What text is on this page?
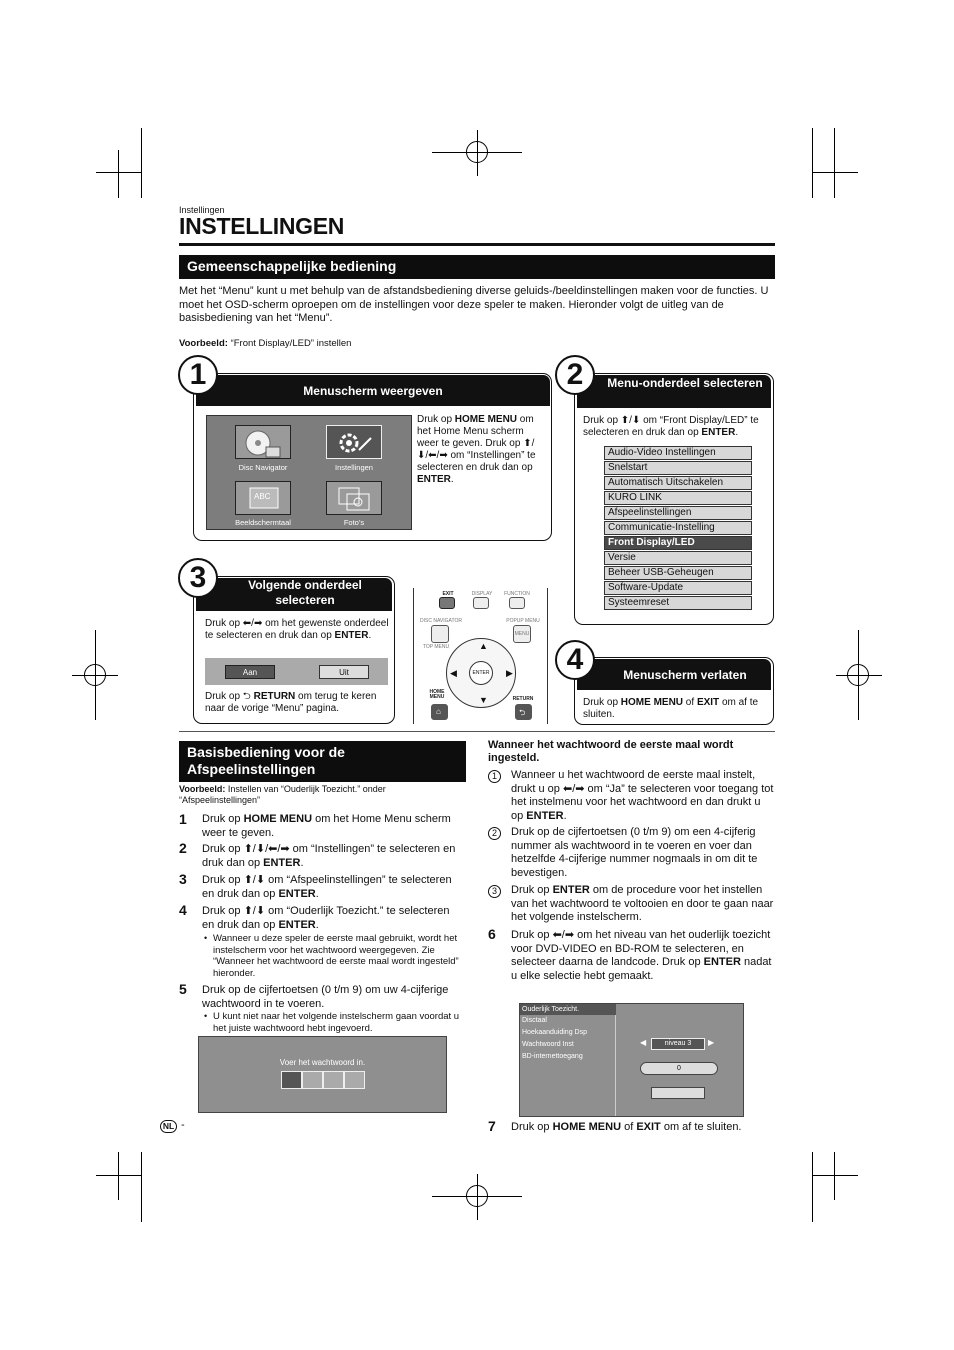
Instellingen
INSTELLINGEN
Gemeenschappelijke bediening
Met het “Menu” kunt u met behulp van de afstandsbediening diverse geluids-/beeldinstellingen maken voor de functies. U moet het OSD-scherm oproepen om de instellingen voor deze speler te maken. Hieronder volgt de uitleg van de basisbediening van het “Menu”.
Voorbeeld: “Front Display/LED” instellen
Menuscherm weergeven
1
ABC
Disc Navigator	Instellingen
Beeldschermtaal	Foto’s
Druk op HOME MENU om het Home Menu scherm weer te geven. Druk op ⬆/⬇/⬅/➡ om “Instellingen” te selecteren en druk dan op ENTER.
Menu-onderdeel selecteren
2
Druk op ⬆/⬇ om “Front Display/LED” te selecteren en druk dan op ENTER.
Audio-Video Instellingen
Snelstart
Automatisch Uitschakelen
KURO LINK
Afspeelinstellingen
Communicatie-Instelling
Front Display/LED
Versie
Beheer USB-Geheugen
Software-Update
Systeemreset
Volgende onderdeel selecteren
3
Druk op ⬅/➡ om het gewenste onderdeel te selecteren en druk dan op ENTER.
Aan	Uit
Druk op ⮌ RETURN om terug te keren naar de vorige “Menu” pagina.
EXIT	DISPLAY	FUNCTION
DISC NAVIGATOR
TOP MENU
POPUP MENU
MENU
▲
▼
◀	▶
ENTER
HOME MENU
⌂
RETURN
⮌
Menuscherm verlaten
4
Druk op HOME MENU of EXIT om af te sluiten.
Basisbediening voor de Afspeelinstellingen
Voorbeeld: Instellen van “Ouderlijk Toezicht.” onder “Afspeelinstellingen”
1 Druk op HOME MENU om het Home Menu scherm weer te geven.
2 Druk op ⬆/⬇/⬅/➡ om “Instellingen” te selecteren en druk dan op ENTER.
3 Druk op ⬆/⬇ om “Afspeelinstellingen” te selecteren en druk dan op ENTER.
4 Druk op ⬆/⬇ om “Ouderlijk Toezicht.” te selecteren en druk dan op ENTER.
• Wanneer u deze speler de eerste maal gebruikt, wordt het instelscherm voor het wachtwoord weergegeven. Zie “Wanneer het wachtwoord de eerste maal wordt ingesteld” hieronder.
5 Druk op de cijfertoetsen (0 t/m 9) om uw 4-cijferige wachtwoord in te voeren.
• U kunt niet naar het volgende instelscherm gaan voordat u het juiste wachtwoord hebt ingevoerd.
Voer het wachtwoord in.
Wanneer het wachtwoord de eerste maal wordt ingesteld.
1	Wanneer u het wachtwoord de eerste maal instelt, drukt u op ⬅/➡ om “Ja” te selecteren voor toegang tot het instelmenu voor het wachtwoord en dan drukt u op ENTER.
2	Druk op de cijfertoetsen (0 t/m 9) om een 4-cijferig nummer als wachtwoord in te voeren en voer dan hetzelfde 4-cijferige nummer nogmaals in om dit te bevestigen.
3	Druk op ENTER om de procedure voor het instellen van het wachtwoord te voltooien en door te gaan naar het volgende instelscherm.
6 Druk op ⬅/➡ om het niveau van het ouderlijk toezicht voor DVD-VIDEO en BD-ROM te selecteren, en selecteer daarna de landcode. Druk op ENTER nadat u elke selectie hebt gemaakt.
Ouderlijk Toezicht.
Disctaal
Hoekaanduiding Dsp
Wachtwoord Inst
BD-internettoegang
◀	niveau 3	▶
0
7 Druk op HOME MENU of EXIT om af te sluiten.
NL -
